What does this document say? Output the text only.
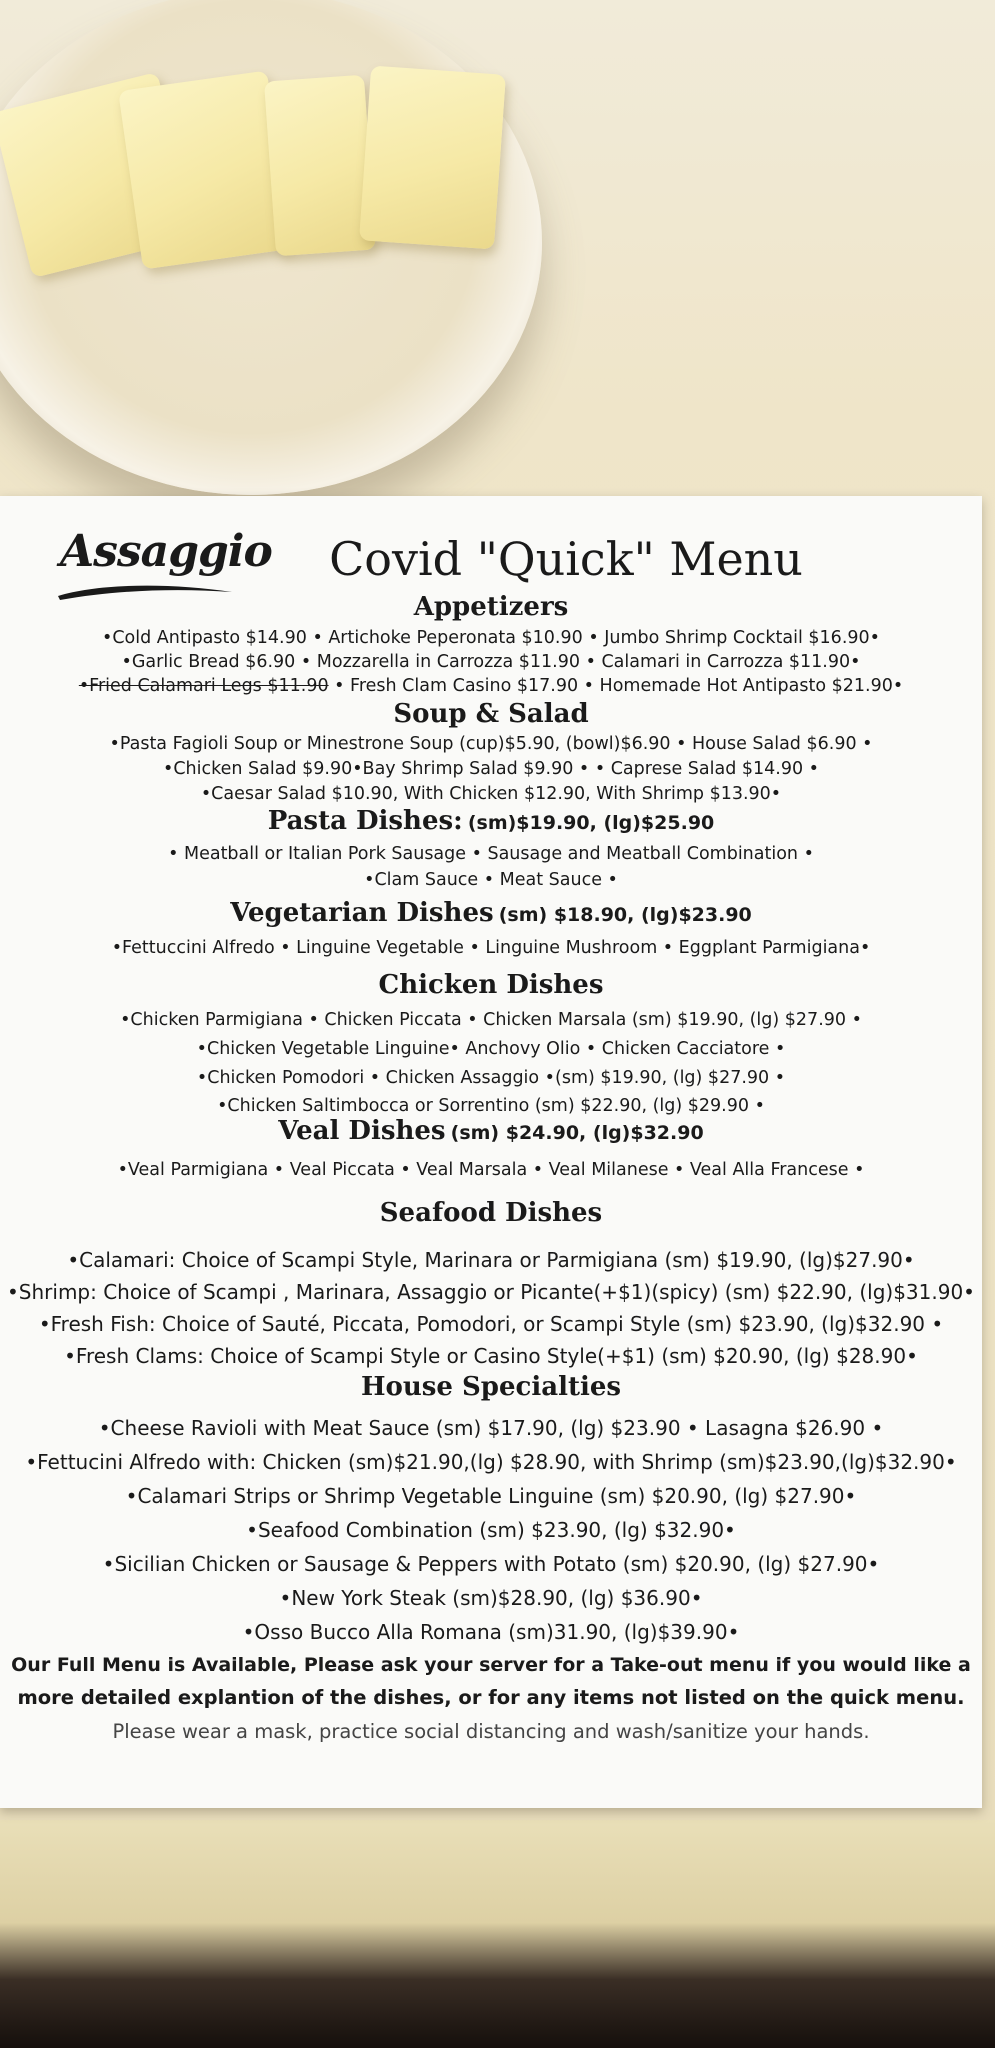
Assaggio	Covid "Quick" Menu
Appetizers
•Cold Antipasto $14.90 • Artichoke Peperonata $10.90 • Jumbo Shrimp Cocktail $16.90•
•Garlic Bread $6.90 • Mozzarella in Carrozza $11.90 • Calamari in Carrozza $11.90•
•Fried Calamari Legs $11.90 • Fresh Clam Casino $17.90 • Homemade Hot Antipasto $21.90•
Soup & Salad
•Pasta Fagioli Soup or Minestrone Soup (cup)$5.90, (bowl)$6.90 • House Salad $6.90 •
•Chicken Salad $9.90•Bay Shrimp Salad $9.90 • • Caprese Salad $14.90 •
•Caesar Salad $10.90, With Chicken $12.90, With Shrimp $13.90•
Pasta Dishes: (sm)$19.90, (lg)$25.90
• Meatball or Italian Pork Sausage • Sausage and Meatball Combination •
•Clam Sauce • Meat Sauce •
Vegetarian Dishes (sm) $18.90, (lg)$23.90
•Fettuccini Alfredo • Linguine Vegetable • Linguine Mushroom • Eggplant Parmigiana•
Chicken Dishes
•Chicken Parmigiana • Chicken Piccata • Chicken Marsala (sm) $19.90, (lg) $27.90 •
•Chicken Vegetable Linguine• Anchovy Olio • Chicken Cacciatore •
•Chicken Pomodori • Chicken Assaggio •(sm) $19.90, (lg) $27.90 •
•Chicken Saltimbocca or Sorrentino (sm) $22.90, (lg) $29.90 •
Veal Dishes (sm) $24.90, (lg)$32.90
•Veal Parmigiana • Veal Piccata • Veal Marsala • Veal Milanese • Veal Alla Francese •
Seafood Dishes
•Calamari: Choice of Scampi Style, Marinara or Parmigiana (sm) $19.90, (lg)$27.90•
•Shrimp: Choice of Scampi , Marinara, Assaggio or Picante(+$1)(spicy) (sm) $22.90, (lg)$31.90•
•Fresh Fish: Choice of Sauté, Piccata, Pomodori, or Scampi Style (sm) $23.90, (lg)$32.90 •
•Fresh Clams: Choice of Scampi Style or Casino Style(+$1) (sm) $20.90, (lg) $28.90•
House Specialties
•Cheese Ravioli with Meat Sauce (sm) $17.90, (lg) $23.90 • Lasagna $26.90 •
•Fettucini Alfredo with: Chicken (sm)$21.90,(lg) $28.90, with Shrimp (sm)$23.90,(lg)$32.90•
•Calamari Strips or Shrimp Vegetable Linguine (sm) $20.90, (lg) $27.90•
•Seafood Combination (sm) $23.90, (lg) $32.90•
•Sicilian Chicken or Sausage & Peppers with Potato (sm) $20.90, (lg) $27.90•
•New York Steak (sm)$28.90, (lg) $36.90•
•Osso Bucco Alla Romana (sm)31.90, (lg)$39.90•
Our Full Menu is Available, Please ask your server for a Take-out menu if you would like a
more detailed explantion of the dishes, or for any items not listed on the quick menu.
Please wear a mask, practice social distancing and wash/sanitize your hands.
